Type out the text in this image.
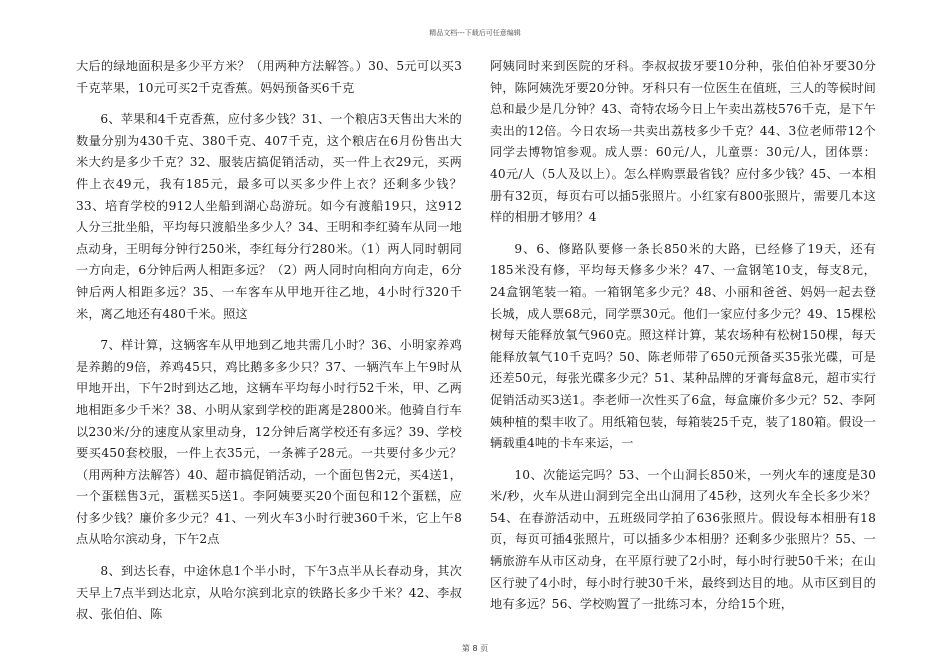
精品文档---下载后可任意编辑

大后的绿地面积是多少平方米？（用两种方法解答。）30、5元可以买3千克苹果，10元可买2千克香蕉。妈妈预备买6千克

6、苹果和4千克香蕉，应付多少钱？31、一个粮店3天售出大米的数量分别为430千克、380千克、407千克，这个粮店在6月份售出大米大约是多少千克？32、服装店搞促销活动，买一件上衣29元，买两件上衣49元，我有185元，最多可以买多少件上衣？还剩多少钱？33、培育学校的912人坐船到湖心岛游玩。如今有渡船19只，这912人分三批坐船，平均每只渡船坐多少人？34、王明和李红骑车从同一地点动身，王明每分钟行250米，李红每分行280米。（1）两人同时朝同一方向走，6分钟后两人相距多远？（2）两人同时向相向方向走，6分钟后两人相距多远？35、一车客车从甲地开往乙地，4小时行320千米，离乙地还有480千米。照这

7、样计算，这辆客车从甲地到乙地共需几小时？36、小明家养鸡是养鹅的9倍，养鸡45只，鸡比鹅多多少只？37、一辆汽车上午9时从甲地开出，下午2时到达乙地，这辆车平均每小时行52千米，甲、乙两地相距多少千米？38、小明从家到学校的距离是2800米。他骑自行车以230米/分的速度从家里动身，12分钟后离学校还有多远？39、学校要买450套校服，一件上衣35元，一条裤子28元。一共要付多少元？（用两种方法解答）40、超市搞促销活动，一个面包售2元，买4送1，一个蛋糕售3元，蛋糕买5送1。李阿姨要买20个面包和12个蛋糕，应付多少钱？廉价多少元？41、一列火车3小时行驶360千米，它上午8点从哈尔滨动身，下午2点

8、到达长春，中途休息1个半小时，下午3点半从长春动身，其次天早上7点半到达北京，从哈尔滨到北京的铁路长多少千米？42、李叔叔、张伯伯、陈

阿姨同时来到医院的牙科。李叔叔拔牙要10分种，张伯伯补牙要30分钟，陈阿姨洗牙要20分钟。牙科只有一位医生在值班，三人的等候时间总和最少是几分钟？43、奇特农场今日上午卖出荔枝576千克，是下午卖出的12倍。今日农场一共卖出荔枝多少千克？44、3位老师带12个同学去博物馆参观。成人票：60元/人，儿童票：30元/人，团体票：40元/人（5人及以上）。怎么样购票最省钱？应付多少钱？45、一本相册有32页，每页右可以插5张照片。小红家有800张照片，需要几本这样的相册才够用？4

9、6、修路队要修一条长850米的大路，已经修了19天，还有185米没有修，平均每天修多少米？47、一盒钢笔10支，每支8元，24盒钢笔装一箱。一箱钢笔多少元？48、小丽和爸爸、妈妈一起去登长城，成人票68元，同学票30元。他们一家应付多少元？49、15棵松树每天能释放氧气960克。照这样计算，某农场种有松树150棵，每天能释放氧气10千克吗？50、陈老师带了650元预备买35张光碟，可是还差50元，每张光碟多少元？51、某种品牌的牙膏每盒8元，超市实行促销活动买3送1。李老师一次性买了6盒，每盒廉价多少元？52、李阿姨种植的梨丰收了。用纸箱包装，每箱装25千克，装了180箱。假设一辆载重4吨的卡车来运，一

10、次能运完吗？53、一个山洞长850米，一列火车的速度是30米/秒，火车从进山洞到完全出山洞用了45秒，这列火车全长多少米？54、在春游活动中，五班级同学拍了636张照片。假设每本相册有18页，每页可插4张照片，可以插多少本相册？还剩多少张照片？55、一辆旅游车从市区动身，在平原行驶了2小时，每小时行驶50千米；在山区行驶了4小时，每小时行驶30千米，最终到达目的地。从市区到目的地有多远？56、学校购置了一批练习本，分给15个班，

第 8 页
